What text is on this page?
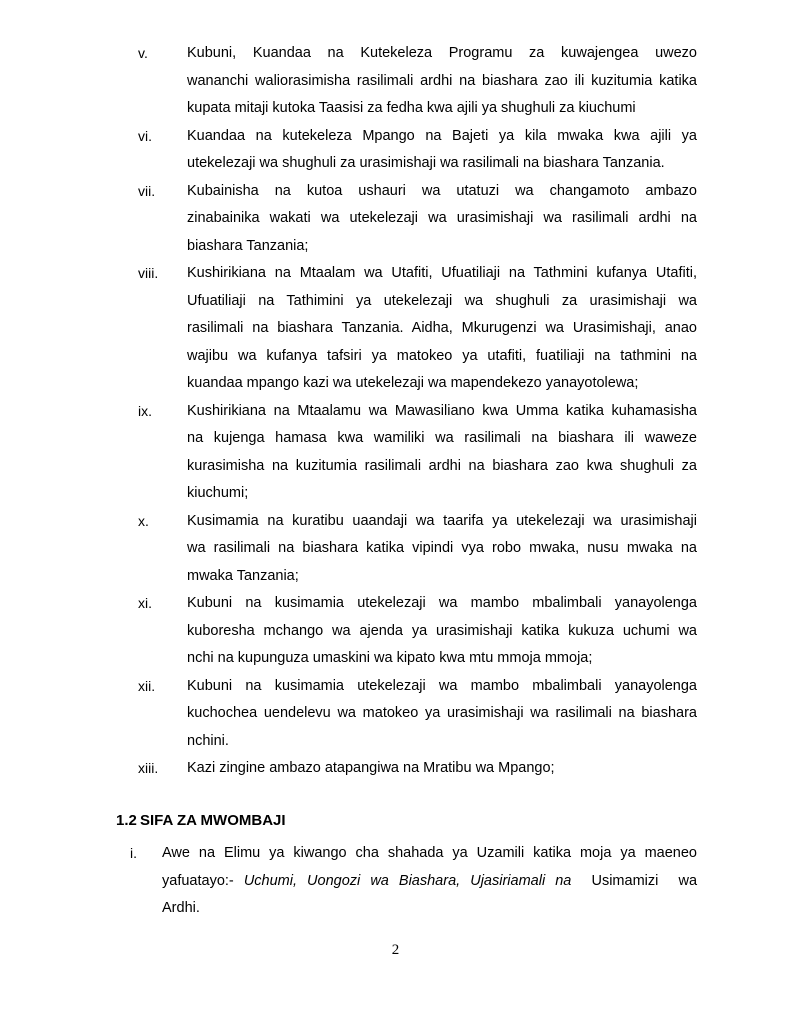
v.	Kubuni, Kuandaa na Kutekeleza Programu za kuwajengea uwezo
wananchi waliorasimisha rasilimali ardhi na biashara zao ili kuzitumia katika
kupata mitaji kutoka Taasisi za fedha kwa ajili ya shughuli za kiuchumi
vi. Kuandaa na kutekeleza Mpango na Bajeti ya kila mwaka kwa ajili ya
utekelezaji wa shughuli za urasimishaji wa rasilimali na biashara Tanzania.
vii. Kubainisha na kutoa ushauri wa utatuzi wa changamoto ambazo
zinabainika wakati wa utekelezaji wa urasimishaji wa rasilimali ardhi na
biashara Tanzania;
viii. Kushirikiana na Mtaalam wa Utafiti, Ufuatiliaji na Tathmini kufanya Utafiti,
Ufuatiliaji na Tathimini ya utekelezaji wa shughuli za urasimishaji wa
rasilimali na biashara Tanzania. Aidha, Mkurugenzi wa Urasimishaji, anao
wajibu wa kufanya tafsiri ya matokeo ya utafiti, fuatiliaji na tathmini na
kuandaa mpango kazi wa utekelezaji wa mapendekezo yanayotolewa;
ix. Kushirikiana na Mtaalamu wa Mawasiliano kwa Umma katika kuhamasisha
na kujenga hamasa kwa wamiliki wa rasilimali na biashara ili waweze
kurasimisha na kuzitumia rasilimali ardhi na biashara zao kwa shughuli za
kiuchumi;
x.	Kusimamia na kuratibu uaandaji wa taarifa ya utekelezaji wa urasimishaji
wa rasilimali na biashara katika vipindi vya robo mwaka, nusu mwaka na
mwaka Tanzania;
xi. Kubuni na kusimamia utekelezaji wa mambo mbalimbali yanayolenga
kuboresha mchango wa ajenda ya urasimishaji katika kukuza uchumi wa
nchi na kupunguza umaskini wa kipato kwa mtu mmoja mmoja;
xii. Kubuni na kusimamia utekelezaji wa mambo mbalimbali yanayolenga
kuchochea uendelevu wa matokeo ya urasimishaji wa rasilimali na biashara
nchini.
xiii. Kazi zingine ambazo atapangiwa na Mratibu wa Mpango;
1.2 SIFA ZA MWOMBAJI
i. Awe na Elimu ya kiwango cha shahada ya Uzamili katika moja ya maeneo
yafuatayo:- Uchumi, Uongozi wa Biashara, Ujasiriamali na  Usimamizi  wa
Ardhi.
2
